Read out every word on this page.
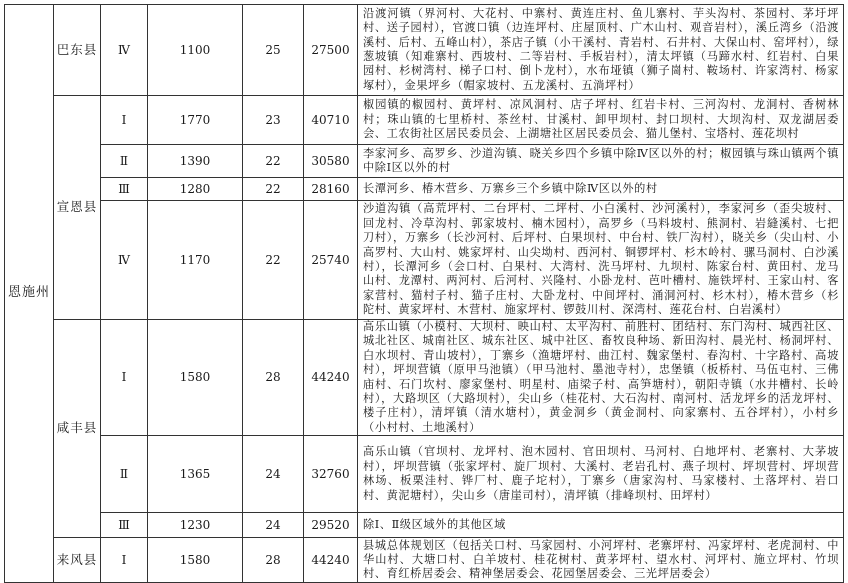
恩施州	巴东县	Ⅳ	1100	25	27500	沿渡河镇（界河村、大花村、中寨村、黄连庄村、鱼儿寨村、芋头沟村、茶园村、茅圩坪村、送子园村），官渡口镇（边连坪村、庄屋顶村、广木山村、观音岩村），溪丘湾乡（沿渡溪村、后村、五峰山村），茶店子镇（小干溪村、青岩村、石井村、大保山村、窑坪村），绿葱坡镇（知难寨村、西坡村、二等岩村、手板岩村），清太坪镇（马蹄水村、红岩村、白果园村、杉树湾村、梯子口村、倒卜龙村），水布垭镇（狮子崗村、鞍场村、许家湾村、杨家塚村），金果坪乡（帽家坡村、五龙溪村、五淌坪村）
	宣恩县	Ⅰ	1770	23	40710	椒园镇的椒园村、黄坪村、凉风洞村、店子坪村、红岩卡村、三河沟村、龙洞村、香树林村；珠山镇的七里桥村、茶丝村、甘溪村、卸甲坝村、封口坝村、大坝沟村、双龙湖居委会、工农街社区居民委员会、上湖塘社区居民委员会、猫儿堡村、宝塔村、莲花坝村
		Ⅱ	1390	22	30580	李家河乡、高罗乡、沙道沟镇、晓关乡四个乡镇中除Ⅳ区以外的村；椒园镇与珠山镇两个镇中除Ⅰ区以外的村
		Ⅲ	1280	22	28160	长潭河乡、椿木营乡、万寨乡三个乡镇中除Ⅳ区以外的村
		Ⅳ	1170	22	25740	沙道沟镇（高荒坪村、二台坪村、二坪村、小白溪村、沙河溪村），李家河乡（歪尖坡村、回龙村、冷草沟村、郭家坡村、楠木园村），高罗乡（马料坡村、熊洞村、岩縫溪村、七把刀村），万寨乡（长沙河村、后坪村、白果坝村、中台村、铁厂沟村），晓关乡（尖山村、小高罗村、大山村、姚家坪村、山尖坳村、西河村、铜锣坪村、杉木岭村、骡马洞村、白沙溪村），长潭河乡（会口村、白果村、大湾村、洗马坪村、九坝村、陈家台村、黄田村、龙马山村、龙潭村、两河村、后河村、兴隆村、小卧龙村、芭叶槽村、施铁坪村、王家山村、客家营村、猫村子村、猫子庄村、大卧龙村、中间坪村、涌洞河村、杉木村），椿木营乡（杉陀村、黄家坪村、木营村、施家坪村、锣鼓川村、深湾村、莲花台村、白岩溪村）
	咸丰县	Ⅰ	1580	28	44240	高乐山镇（小模村、大坝村、映山村、太平沟村、前胜村、团结村、东门沟村、城西社区、城北社区、城南社区、城东社区、城中社区、畜牧良种场、新田沟村、晨光村、杨洞坪村、白水坝村、青山坡村），丁寨乡（渔塘坪村、曲江村、魏家堡村、春沟村、十字路村、高坡村），坪坝营镇（原甲马池镇）（甲马池村、墨池寺村），忠堡镇（板桥村、马伍屯村、三佛庙村、石门坎村、廖家堡村、明星村、庙梁子村、高笋塘村），朝阳寺镇（水井槽村、长岭村），大路坝区（大路坝村），尖山乡（桂花村、大石沟村、南河村、活龙坪乡的活龙坪村、楼子庄村），清坪镇（清水塘村），黄金洞乡（黄金洞村、向家寨村、五谷坪村），小村乡（小村村、土地溪村）
		Ⅱ	1365	24	32760	高乐山镇（官坝村、龙坪村、泡木园村、官田坝村、马河村、白地坪村、老寨村、大茅坡村），坪坝营镇（张家坪村、旋厂坝村、大溪村、老岩孔村、燕子坝村、坪坝营村、坪坝营林场、板栗洼村、铧厂村、鹿子坨村），丁寨乡（唐家沟村、马家楼村、土落坪村、岩口村、黄泥塘村），尖山乡（唐崖司村），清坪镇（排峰坝村、田坪村）
		Ⅲ	1230	24	29520	除Ⅰ、Ⅱ级区域外的其他区域
	来风县	Ⅰ	1580	28	44240	县城总体规划区（包括关口村、马家园村、小河坪村、老寨坪村、冯家坪村、老虎洞村、中华山村、大塘口村、白羊坡村、桂花树村、黄茅坪村、望水村、河坪村、施立坪村、竹坝村、育红桥居委会、精神堡居委会、花园堡居委会、三光坪居委会）
